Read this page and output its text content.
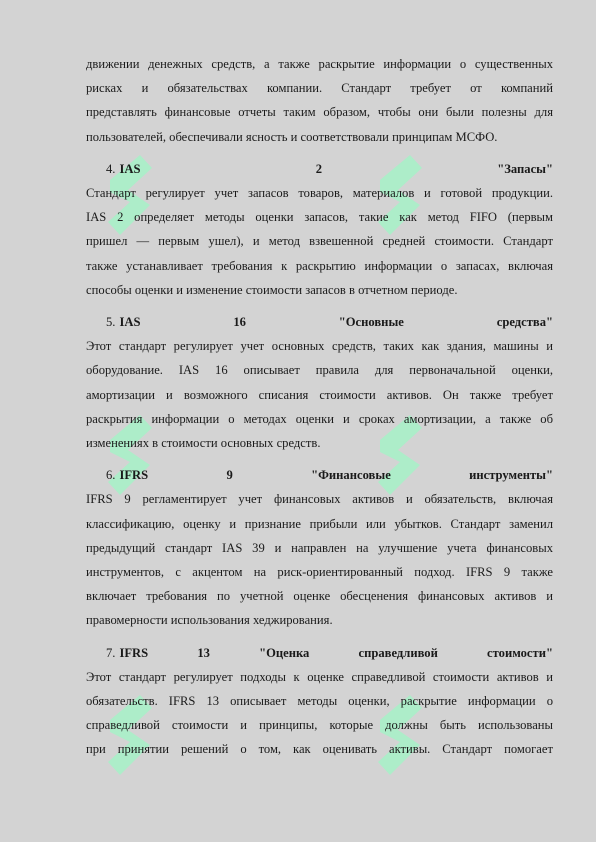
движении денежных средств, а также раскрытие информации о существенных
рисках и обязательствах компании. Стандарт требует от компаний
представлять финансовые отчеты таким образом, чтобы они были полезны для
пользователей, обеспечивали ясность и соответствовали принципам МСФО.
4. IAS	2	"Запасы"
Стандарт регулирует учет запасов товаров, материалов и готовой продукции.
IAS 2 определяет методы оценки запасов, такие как метод FIFO (первым
пришел — первым ушел), и метод взвешенной средней стоимости. Стандарт
также устанавливает требования к раскрытию информации о запасах, включая
способы оценки и изменение стоимости запасов в отчетном периоде.
5. IAS	16	"Основные	средства"
Этот стандарт регулирует учет основных средств, таких как здания, машины и
оборудование. IAS 16 описывает правила для первоначальной оценки,
амортизации и возможного списания стоимости активов. Он также требует
раскрытия информации о методах оценки и сроках амортизации, а также об
изменениях в стоимости основных средств.
6. IFRS	9	"Финансовые	инструменты"
IFRS 9 регламентирует учет финансовых активов и обязательств, включая
классификацию, оценку и признание прибыли или убытков. Стандарт заменил
предыдущий стандарт IAS 39 и направлен на улучшение учета финансовых
инструментов, с акцентом на риск-ориентированный подход. IFRS 9 также
включает требования по учетной оценке обесценения финансовых активов и
правомерности использования хеджирования.
7. IFRS	13	"Оценка	справедливой	стоимости"
Этот стандарт регулирует подходы к оценке справедливой стоимости активов и
обязательств. IFRS 13 описывает методы оценки, раскрытие информации о
справедливой стоимости и принципы, которые должны быть использованы
при принятии решений о том, как оценивать активы. Стандарт помогает
